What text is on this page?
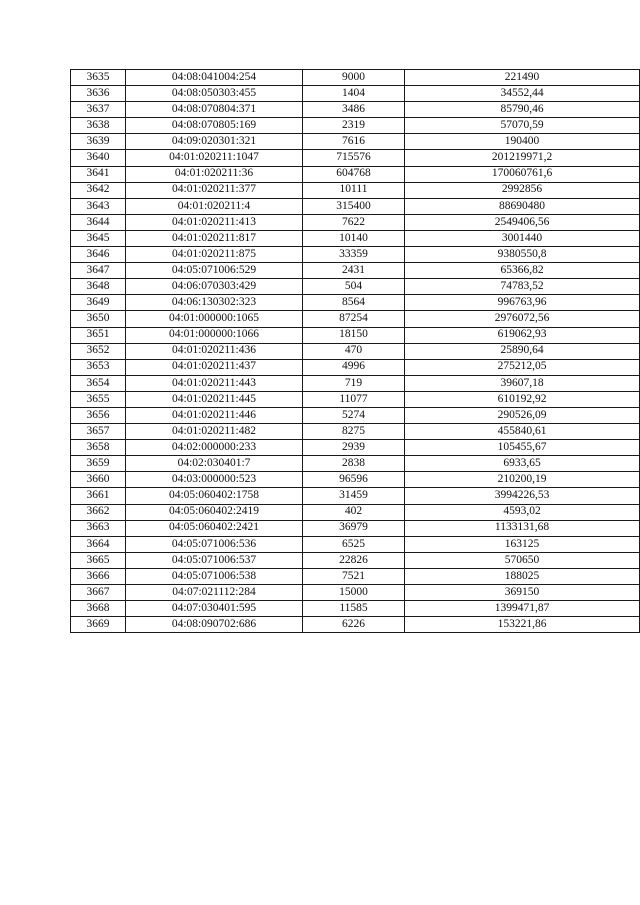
3635	04:08:041004:254	9000	221490
3636	04:08:050303:455	1404	34552,44
3637	04:08:070804:371	3486	85790,46
3638	04:08:070805:169	2319	57070,59
3639	04:09:020301:321	7616	190400
3640	04:01:020211:1047	715576	201219971,2
3641	04:01:020211:36	604768	170060761,6
3642	04:01:020211:377	10111	2992856
3643	04:01:020211:4	315400	88690480
3644	04:01:020211:413	7622	2549406,56
3645	04:01:020211:817	10140	3001440
3646	04:01:020211:875	33359	9380550,8
3647	04:05:071006:529	2431	65366,82
3648	04:06:070303:429	504	74783,52
3649	04:06:130302:323	8564	996763,96
3650	04:01:000000:1065	87254	2976072,56
3651	04:01:000000:1066	18150	619062,93
3652	04:01:020211:436	470	25890,64
3653	04:01:020211:437	4996	275212,05
3654	04:01:020211:443	719	39607,18
3655	04:01:020211:445	11077	610192,92
3656	04:01:020211:446	5274	290526,09
3657	04:01:020211:482	8275	455840,61
3658	04:02:000000:233	2939	105455,67
3659	04:02:030401:7	2838	6933,65
3660	04:03:000000:523	96596	210200,19
3661	04:05:060402:1758	31459	3994226,53
3662	04:05:060402:2419	402	4593,02
3663	04:05:060402:2421	36979	1133131,68
3664	04:05:071006:536	6525	163125
3665	04:05:071006:537	22826	570650
3666	04:05:071006:538	7521	188025
3667	04:07:021112:284	15000	369150
3668	04:07:030401:595	11585	1399471,87
3669	04:08:090702:686	6226	153221,86
